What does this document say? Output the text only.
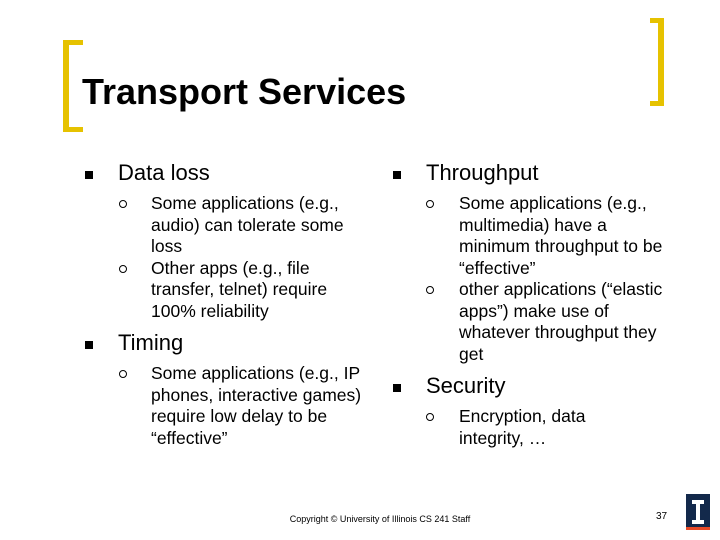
Transport Services
Data loss
Some applications (e.g., audio) can tolerate some loss
Other apps (e.g., file transfer, telnet) require 100% reliability
Timing
Some applications (e.g., IP phones, interactive games) require low delay to be “effective”
Throughput
Some applications (e.g., multimedia) have a minimum throughput to be “effective”
other applications (“elastic apps”) make use of whatever throughput they get
Security
Encryption, data integrity, …
Copyright © University of Illinois CS 241 Staff	37
